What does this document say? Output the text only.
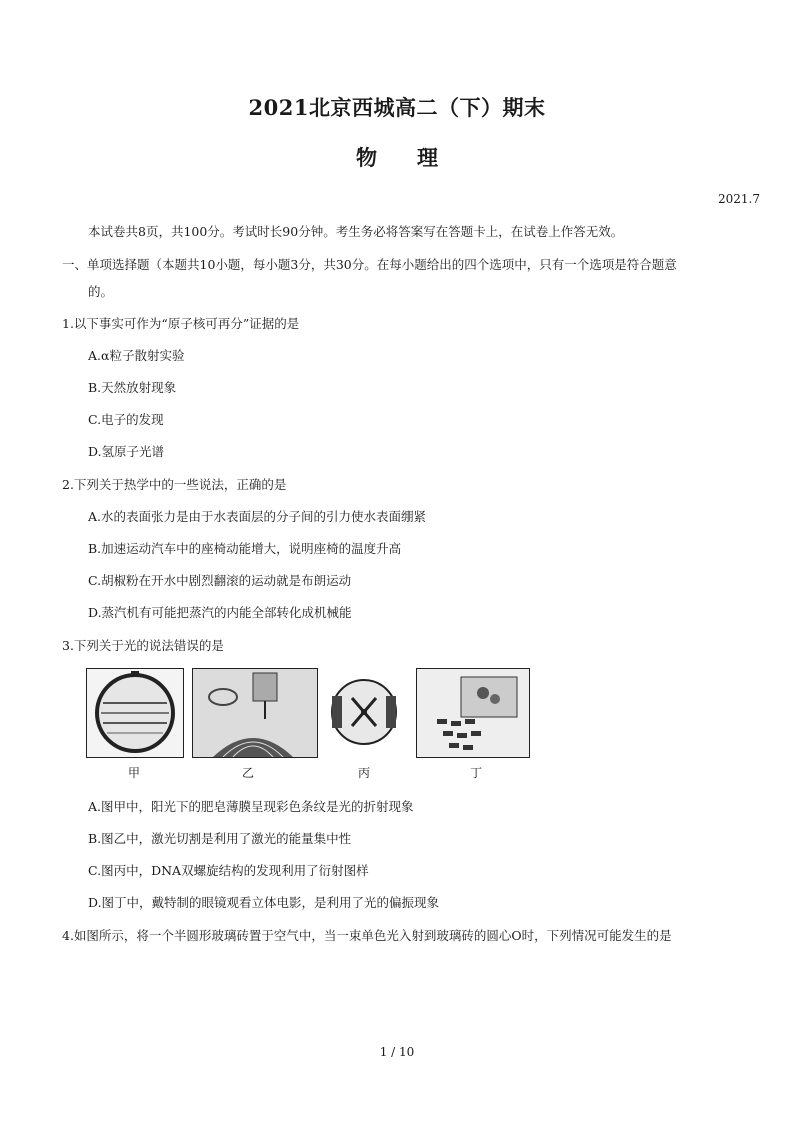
2021北京西城高二（下）期末
物理
2021.7
本试卷共8页，共100分。考试时长90分钟。考生务必将答案写在答题卡上，在试卷上作答无效。
一、单项选择题（本题共10小题，每小题3分，共30分。在每小题给出的四个选项中，只有一个选项是符合题意
的。
1.以下事实可作为“原子核可再分”证据的是
A.α粒子散射实验
B.天然放射现象
C.电子的发现
D.氢原子光谱
2.下列关于热学中的一些说法，正确的是
A.水的表面张力是由于水表面层的分子间的引力使水表面绷紧
B.加速运动汽车中的座椅动能增大，说明座椅的温度升高
C.胡椒粉在开水中剧烈翻滚的运动就是布朗运动
D.蒸汽机有可能把蒸汽的内能全部转化成机械能
3.下列关于光的说法错误的是
甲	乙	丙	丁
A.图甲中，阳光下的肥皂薄膜呈现彩色条纹是光的折射现象
B.图乙中，激光切割是利用了激光的能量集中性
C.图丙中，DNA双螺旋结构的发现利用了衍射图样
D.图丁中，戴特制的眼镜观看立体电影，是利用了光的偏振现象
4.如图所示，将一个半圆形玻璃砖置于空气中，当一束单色光入射到玻璃砖的圆心O时，下列情况可能发生的是
1 / 10
